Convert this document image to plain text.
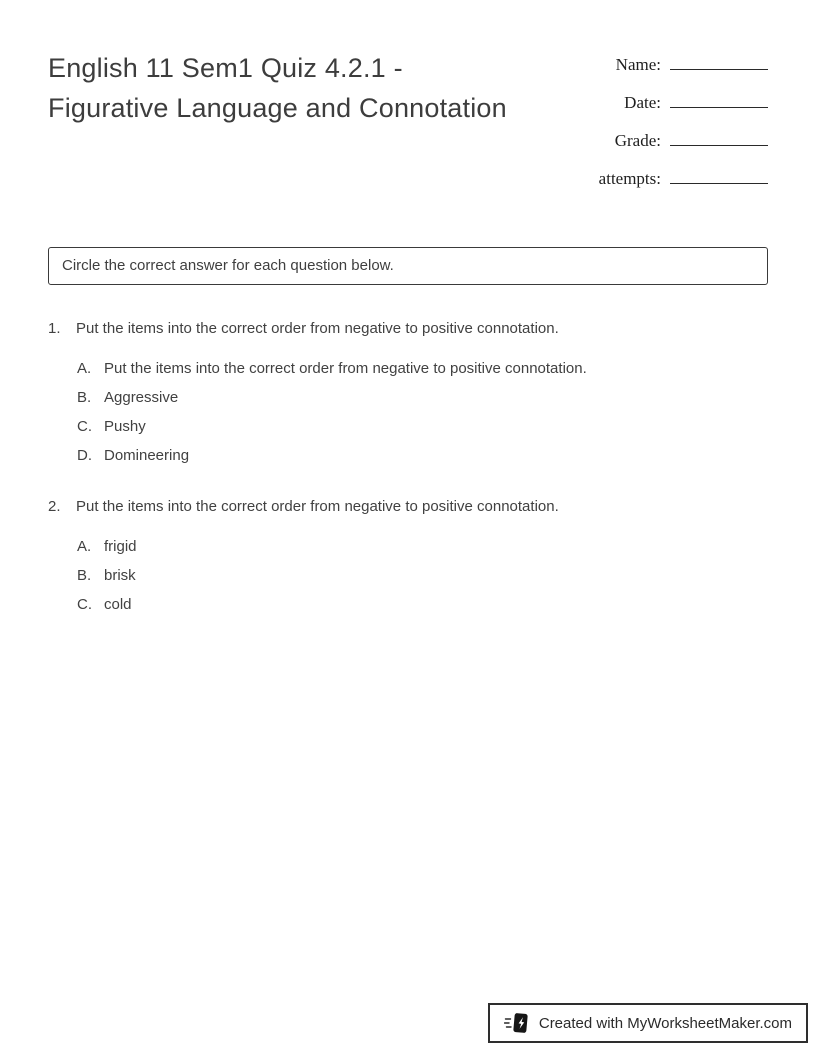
English 11 Sem1 Quiz 4.2.1 - Figurative Language and Connotation
Name:
Date:
Grade:
attempts:
Circle the correct answer for each question below.
1.	Put the items into the correct order from negative to positive connotation.
A. Put the items into the correct order from negative to positive connotation.
B. Aggressive
C. Pushy
D. Domineering
2.	Put the items into the correct order from negative to positive connotation.
A. frigid
B. brisk
C. cold
Created with MyWorksheetMaker.com
